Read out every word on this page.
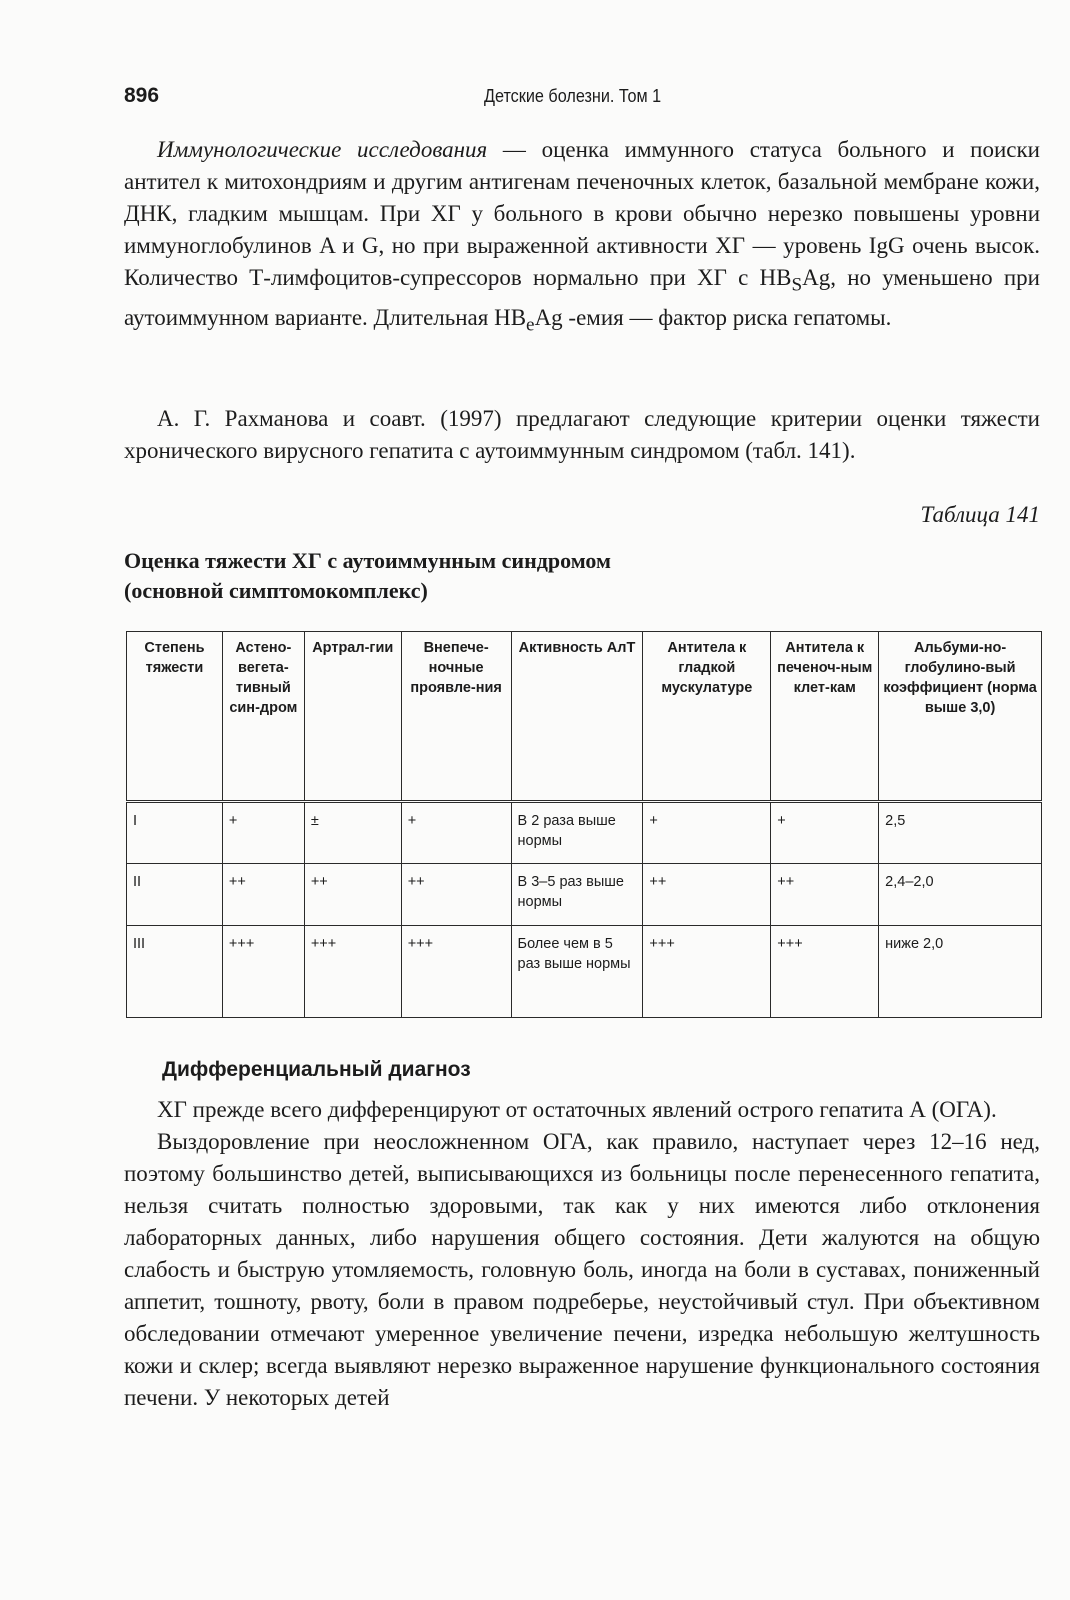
896	Детские болезни. Том 1

Иммунологические исследования — оценка иммунного статуса больного и поиски антител к митохондриям и другим антигенам печеночных клеток, базальной мембране кожи, ДНК, гладким мышцам. При ХГ у больного в крови обычно нерезко повышены уровни иммуноглобулинов A и G, но при выраженной активности ХГ — уровень IgG очень высок. Количество Т-лимфоцитов-супрессоров нормально при ХГ с $HB_SAg$, но уменьшено при аутоиммунном варианте. Длительная $HB_eAg$ -емия — фактор риска гепатомы.

А. Г. Рахманова и соавт. (1997) предлагают следующие критерии оценки тяжести хронического вирусного гепатита с аутоиммунным синдромом (табл. 141).

Таблица 141
Оценка тяжести ХГ с аутоиммунным синдромом
(основной симптомокомплекс)
Степень тяжести	Астено-вегета-тивный син-дром	Артрал-гии	Внепече-ночные проявле-ния	Активность АлТ	Антитела к гладкой мускулатуре	Антитела к печеноч-ным клет-кам	Альбуми-но-глобулино-вый коэффициент (норма выше 3,0)
I	+	±	+	В 2 раза выше нормы	+	+	2,5
II	++	++	++	В 3–5 раз выше нормы	++	++	2,4–2,0
III	+++	+++	+++	Более чем в 5 раз выше нормы	+++	+++	ниже 2,0
Дифференциальный диагноз

ХГ прежде всего дифференцируют от остаточных явлений острого гепатита А (ОГА).

Выздоровление при неосложненном ОГА, как правило, наступает через 12–16 нед, поэтому большинство детей, выписывающихся из больницы после перенесенного гепатита, нельзя считать полностью здоровыми, так как у них имеются либо отклонения лабораторных данных, либо нарушения общего состояния. Дети жалуются на общую слабость и быструю утомляемость, головную боль, иногда на боли в суставах, пониженный аппетит, тошноту, рвоту, боли в правом подреберье, неустойчивый стул. При объективном обследовании отмечают умеренное увеличение печени, изредка небольшую желтушность кожи и склер; всегда выявляют нерезко выраженное нарушение функционального состояния печени. У некоторых детей
